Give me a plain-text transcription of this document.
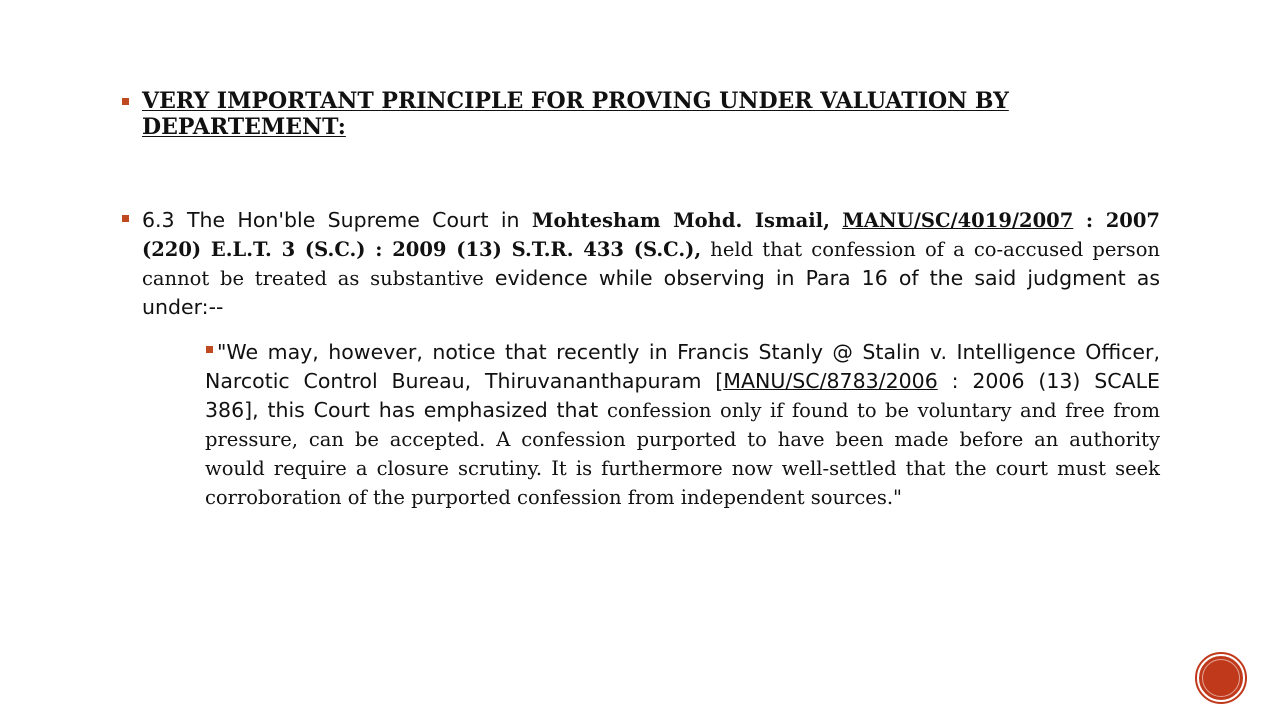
VERY IMPORTANT PRINCIPLE FOR PROVING UNDER VALUATION BY DEPARTEMENT:
6.3 The Hon'ble Supreme Court in Mohtesham Mohd. Ismail, MANU/SC/4019/2007 : 2007 (220) E.L.T. 3 (S.C.) : 2009 (13) S.T.R. 433 (S.C.), held that confession of a co-accused person cannot be treated as substantive evidence while observing in Para 16 of the said judgment as under:--
"We may, however, notice that recently in Francis Stanly @ Stalin v. Intelligence Officer, Narcotic Control Bureau, Thiruvananthapuram [MANU/SC/8783/2006 : 2006 (13) SCALE 386], this Court has emphasized that confession only if found to be voluntary and free from pressure, can be accepted. A confession purported to have been made before an authority would require a closure scrutiny. It is furthermore now well-settled that the court must seek corroboration of the purported confession from independent sources."
